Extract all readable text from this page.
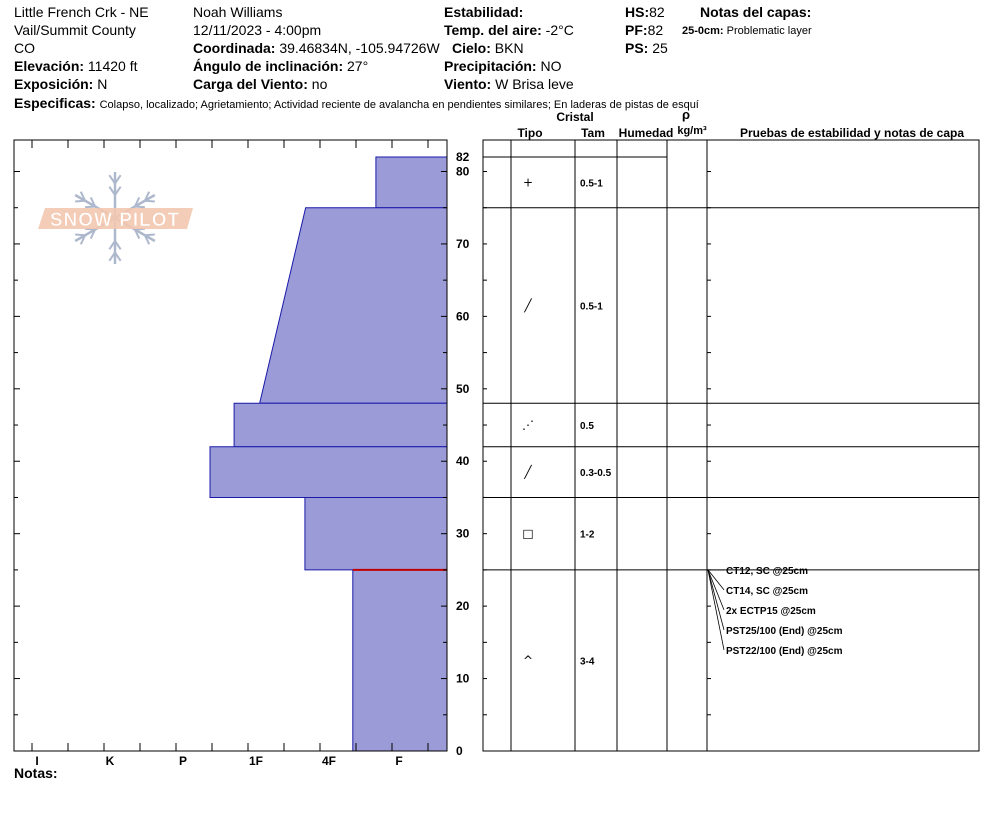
Little French Crk - NE
Vail/Summit County
CO
Elevación: 11420 ft
Exposición: N
Noah Williams
12/11/2023 - 4:00pm
Coordinada: 39.46834N, -105.94726W
Ángulo de inclinación: 27°
Carga del Viento: no
Estabilidad:
Temp. del aire: -2°C
Cielo: BKN
Precipitación: NO
Viento: W Brisa leve
HS:82
PF:82
PS: 25
Notas del capas:
25-0cm: Problematic layer
Especificas: Colapso, localizado; Agrietamiento; Actividad reciente de avalancha en pendientes similares; En laderas de pistas de esquí
SNOW PILOT
0
10
20
30
40
50
60
70
80
82
I	K	P	1F	4F	F
Cristal
Tipo	Tam Humedad
ρ
kg/m³	Pruebas de estabilidad y notas de capa
+	0.5-1
╱	0.5-1
⋰	0.5
╱	0.3-0.5
□	1-2
^	3-4
CT12, SC @25cm
CT14, SC @25cm
2x ECTP15 @25cm
PST25/100 (End) @25cm
PST22/100 (End) @25cm
Notas:
